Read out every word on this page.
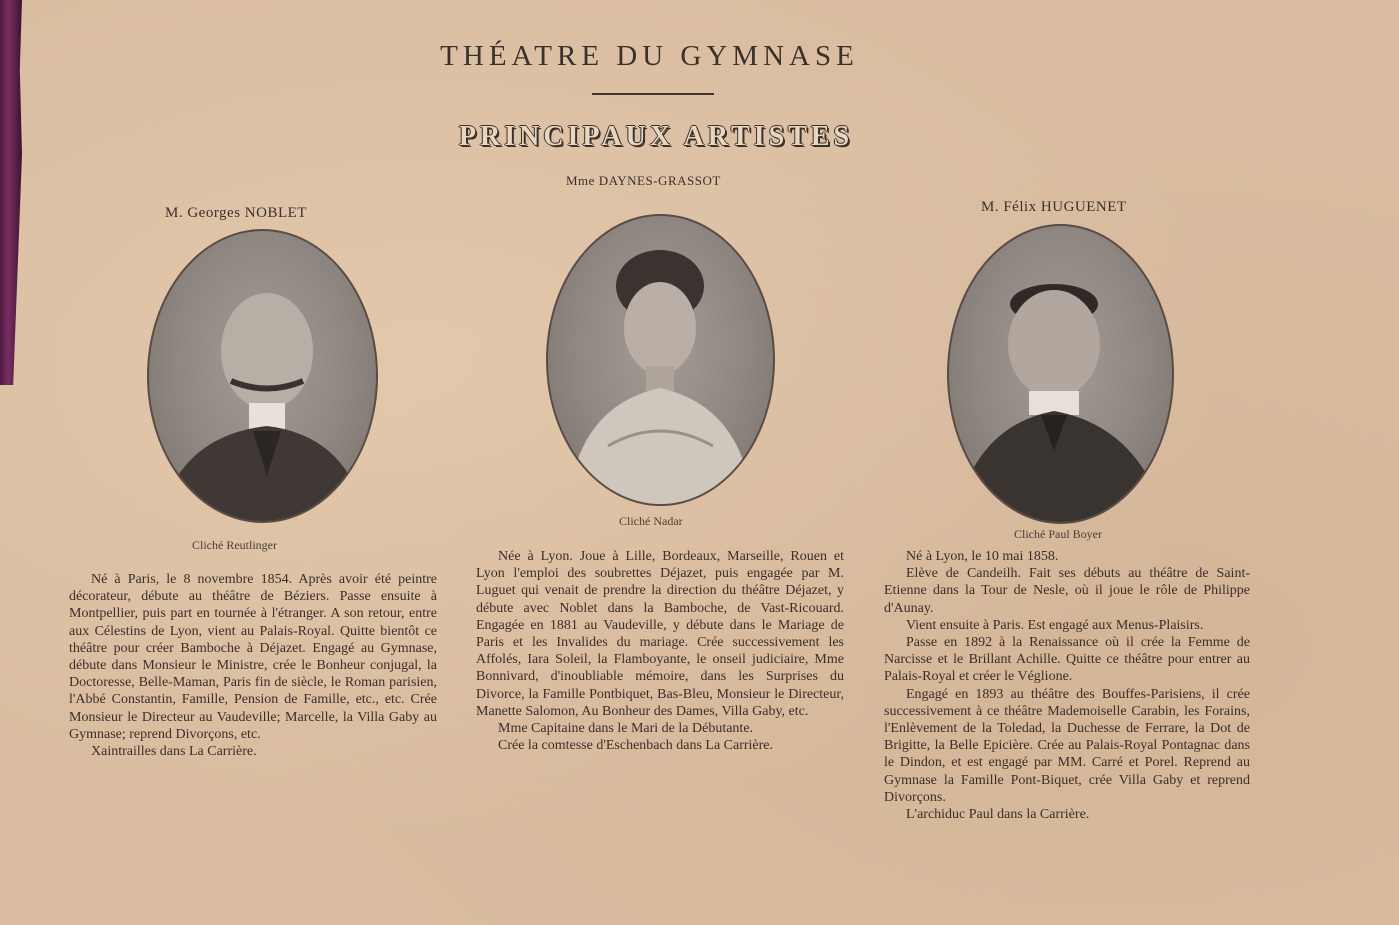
THÉATRE DU GYMNASE
PRINCIPAUX ARTISTES
Mme DAYNES-GRASSOT
Cliché Nadar
M. Georges NOBLET
Cliché Reutlinger
M. Félix HUGUENET
Cliché Paul Boyer

Né à Paris, le 8 novembre 1854. Après avoir été peintre décorateur, débute au théâtre de Béziers. Passe ensuite à Montpellier, puis part en tournée à l'étranger. A son retour, entre aux Célestins de Lyon, vient au Palais-Royal. Quitte bientôt ce théâtre pour créer Bamboche à Déjazet. Engagé au Gymnase, débute dans Monsieur le Ministre, crée le Bonheur conjugal, la Doctoresse, Belle-Maman, Paris fin de siècle, le Roman parisien, l'Abbé Constantin, Famille, Pension de Famille, etc., etc. Crée Monsieur le Directeur au Vaudeville; Marcelle, la Villa Gaby au Gymnase; reprend Divorçons, etc.

Xaintrailles dans La Carrière.

Née à Lyon. Joue à Lille, Bordeaux, Marseille, Rouen et Lyon l'emploi des soubrettes Déjazet, puis engagée par M. Luguet qui venait de prendre la direction du théâtre Déjazet, y débute avec Noblet dans la Bamboche, de Vast-Ricouard. Engagée en 1881 au Vaudeville, y débute dans le Mariage de Paris et les Invalides du mariage. Crée successivement les Affolés, Iara Soleil, la Flamboyante, le onseil judiciaire, Mme Bonnivard, d'inoubliable mémoire, dans les Surprises du Divorce, la Famille Pontbiquet, Bas-Bleu, Monsieur le Directeur, Manette Salomon, Au Bonheur des Dames, Villa Gaby, etc.

Mme Capitaine dans le Mari de la Débutante.

Crée la comtesse d'Eschenbach dans La Carrière.

Né à Lyon, le 10 mai 1858.

Elève de Candeilh. Fait ses débuts au théâtre de Saint-Etienne dans la Tour de Nesle, où il joue le rôle de Philippe d'Aunay.

Vient ensuite à Paris. Est engagé aux Menus-Plaisirs.

Passe en 1892 à la Renaissance où il crée la Femme de Narcisse et le Brillant Achille. Quitte ce théâtre pour entrer au Palais-Royal et créer le Véglione.

Engagé en 1893 au théâtre des Bouffes-Parisiens, il crée successivement à ce théâtre Mademoiselle Carabin, les Forains, l'Enlèvement de la Toledad, la Duchesse de Ferrare, la Dot de Brigitte, la Belle Epicière. Crée au Palais-Royal Pontagnac dans le Dindon, et est engagé par MM. Carré et Porel. Reprend au Gymnase la Famille Pont-Biquet, crée Villa Gaby et reprend Divorçons.

L'archiduc Paul dans la Carrière.
